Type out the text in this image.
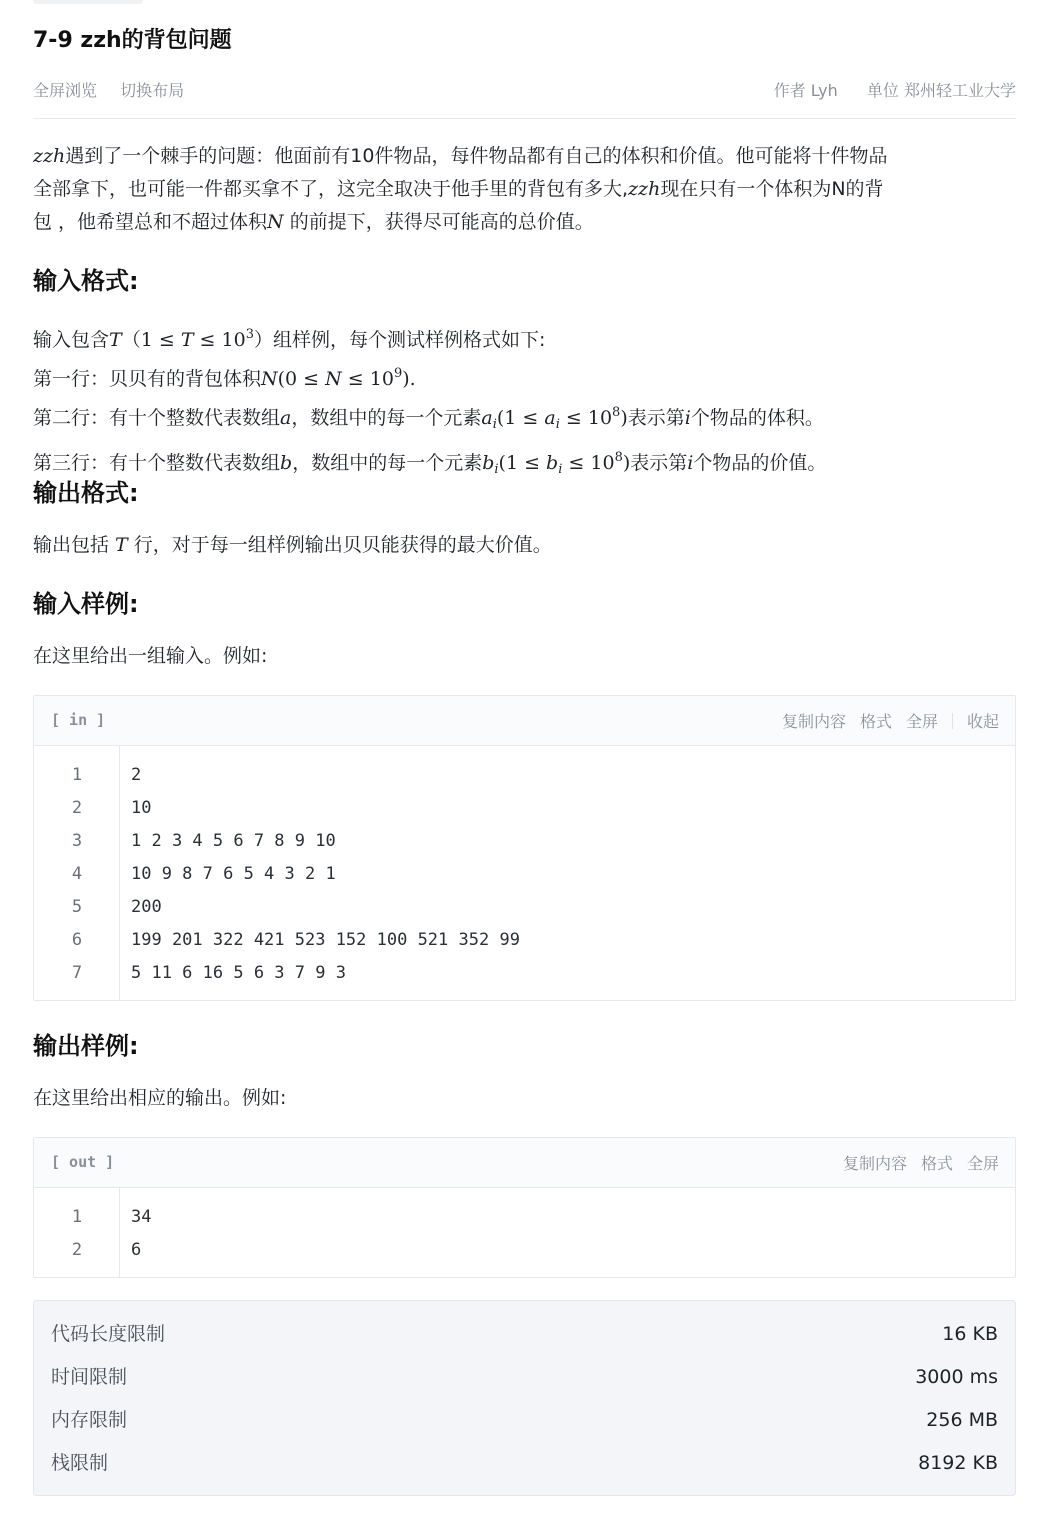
7-9 zzh的背包问题
全屏浏览 切换布局	作者 Lyh 单位 郑州轻工业大学
zzh遇到了一个棘手的问题：他面前有10件物品，每件物品都有自己的体积和价值。他可能将十件物品
全部拿下，也可能一件都买拿不了，这完全取决于他手里的背包有多大,zzh现在只有一个体积为N的背
包 ，他希望总和不超过体积N 的前提下，获得尽可能高的总价值。
输入格式:
输入包含$T(1 \le T \le 10^3)$组样例，每个测试样例格式如下:
第一行：贝贝有的背包体积$N(0 \le N \le 10^9)$.
第二行：有十个整数代表数组a，数组中的每一个元素$a_i(1 \le a_i \le 10^8)$表示第i个物品的体积。
第三行：有十个整数代表数组b，数组中的每一个元素$b_i(1 \le b_i \le 10^8)$表示第i个物品的价值。
输出格式:
输出包括 T 行，对于每一组样例输出贝贝能获得的最大价值。
输入样例:
在这里给出一组输入。例如:
[ in ]	复制内容 格式 全屏 收起
1	2
2	10
3	1 2 3 4 5 6 7 8 9 10
4	10 9 8 7 6 5 4 3 2 1
5	200
6	199 201 322 421 523 152 100 521 352 99
7	5 11 6 16 5 6 3 7 9 3
输出样例:
在这里给出相应的输出。例如:
[ out ]	复制内容 格式 全屏
1	34
2	6
代码长度限制	16 KB
时间限制	3000 ms
内存限制	256 MB
栈限制	8192 KB
